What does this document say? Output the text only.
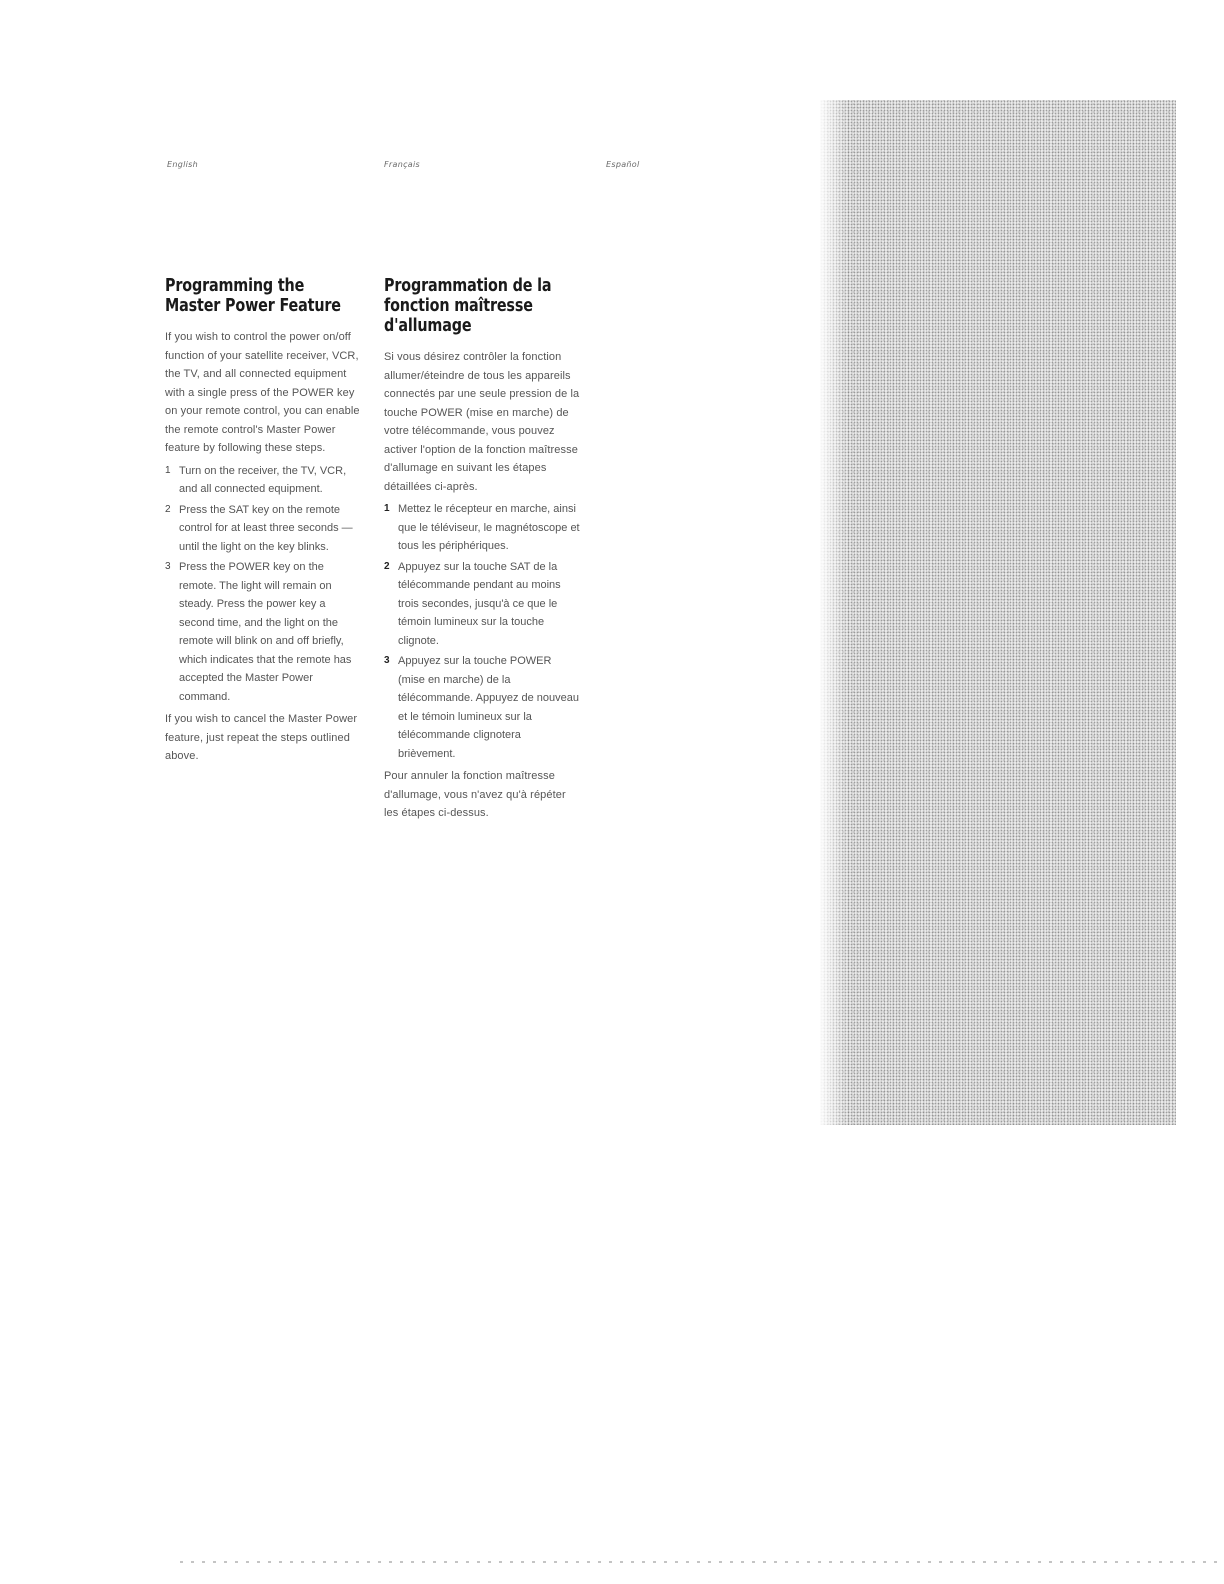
English	Français	Español
Programming the Master Power Feature

If you wish to control the power on/off function of your satellite receiver, VCR, the TV, and all connected equipment with a single press of the POWER key on your remote control, you can enable the remote control's Master Power feature by following these steps.

1 Turn on the receiver, the TV, VCR, and all connected equipment.
2 Press the SAT key on the remote control for at least three seconds — until the light on the key blinks.
3 Press the POWER key on the remote. The light will remain on steady. Press the power key a second time, and the light on the remote will blink on and off briefly, which indicates that the remote has accepted the Master Power command.

If you wish to cancel the Master Power feature, just repeat the steps outlined above.

Programmation de la fonction maîtresse d'allumage

Si vous désirez contrôler la fonction allumer/éteindre de tous les appareils connectés par une seule pression de la touche POWER (mise en marche) de votre télécommande, vous pouvez activer l'option de la fonction maîtresse d'allumage en suivant les étapes détaillées ci-après.

1 Mettez le récepteur en marche, ainsi que le téléviseur, le magnétoscope et tous les périphériques.
2 Appuyez sur la touche SAT de la télécommande pendant au moins trois secondes, jusqu'à ce que le témoin lumineux sur la touche clignote.
3 Appuyez sur la touche POWER (mise en marche) de la télécommande. Appuyez de nouveau et le témoin lumineux sur la télécommande clignotera brièvement.

Pour annuler la fonction maîtresse d'allumage, vous n'avez qu'à répéter les étapes ci-dessus.
